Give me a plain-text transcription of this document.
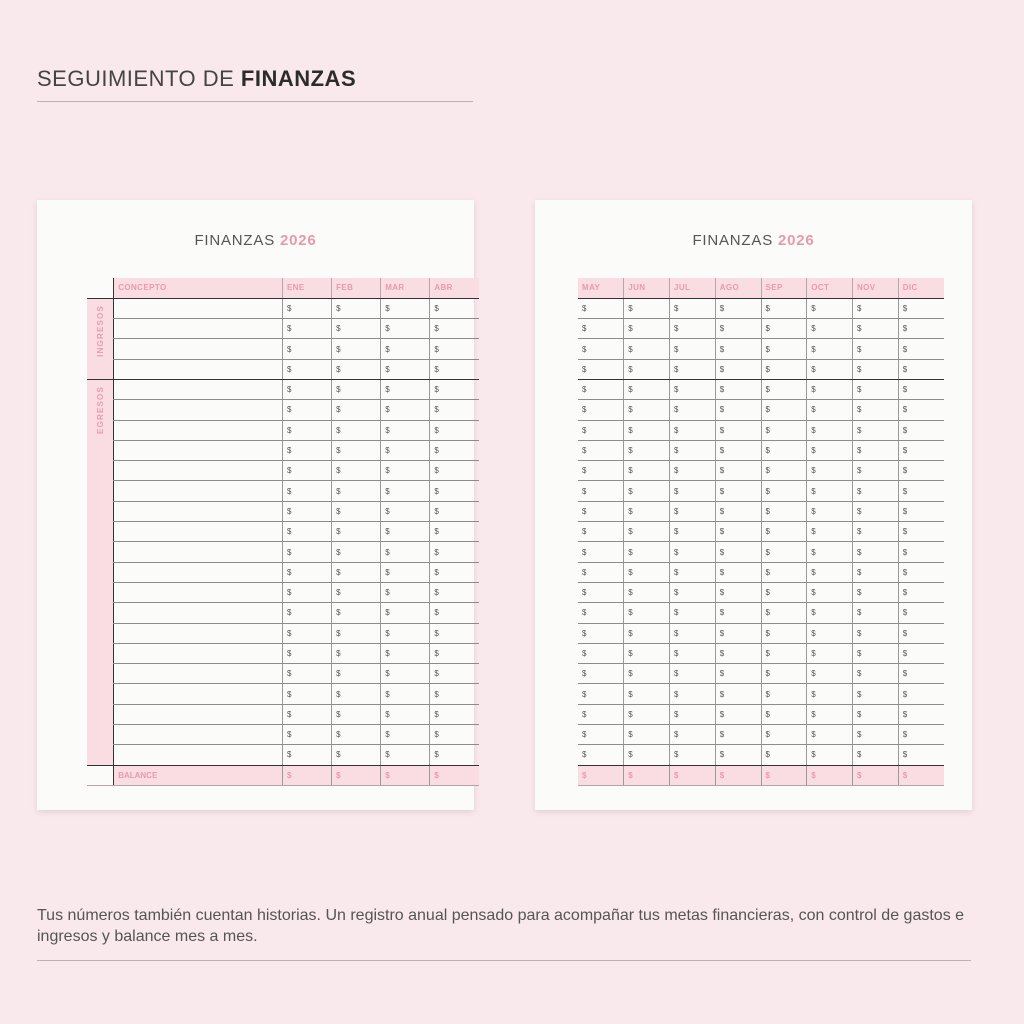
SEGUIMIENTO DE FINANZAS
FINANZAS 2026
	CONCEPTO	ENE	FEB	MAR	ABR

INGRESOS		$	$	$	$
		$	$	$	$
		$	$	$	$
		$	$	$	$

EGRESOS		$	$	$	$
		$	$	$	$
		$	$	$	$
		$	$	$	$
		$	$	$	$
		$	$	$	$
		$	$	$	$
		$	$	$	$
		$	$	$	$
		$	$	$	$
		$	$	$	$
		$	$	$	$
		$	$	$	$
		$	$	$	$
		$	$	$	$
		$	$	$	$
		$	$	$	$
		$	$	$	$
		$	$	$	$
	BALANCE	$	$	$	$
FINANZAS 2026
MAY	JUN	JUL	AGO	SEP	OCT	NOV	DIC
$	$	$	$	$	$	$	$
$	$	$	$	$	$	$	$
$	$	$	$	$	$	$	$
$	$	$	$	$	$	$	$
$	$	$	$	$	$	$	$
$	$	$	$	$	$	$	$
$	$	$	$	$	$	$	$
$	$	$	$	$	$	$	$
$	$	$	$	$	$	$	$
$	$	$	$	$	$	$	$
$	$	$	$	$	$	$	$
$	$	$	$	$	$	$	$
$	$	$	$	$	$	$	$
$	$	$	$	$	$	$	$
$	$	$	$	$	$	$	$
$	$	$	$	$	$	$	$
$	$	$	$	$	$	$	$
$	$	$	$	$	$	$	$
$	$	$	$	$	$	$	$
$	$	$	$	$	$	$	$
$	$	$	$	$	$	$	$
$	$	$	$	$	$	$	$
$	$	$	$	$	$	$	$
$	$	$	$	$	$	$	$
Tus números también cuentan historias. Un registro anual pensado para acompañar tus metas financieras, con control de gastos e ingresos y balance mes a mes.
